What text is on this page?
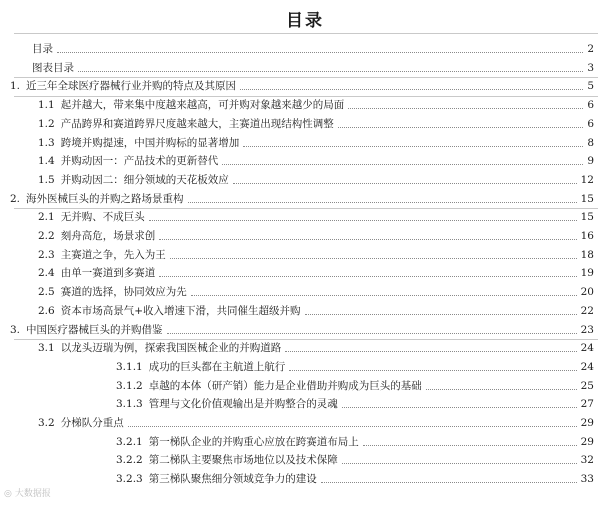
目录
目录	2
图表目录	3
1. 近三年全球医疗器械行业并购的特点及其原因	5
1.1 起并越大，带来集中度越来越高，可并购对象越来越少的局面	6
1.2 产品跨界和赛道跨界尺度越来越大，主赛道出现结构性调整	6
1.3 跨境并购提速，中国并购标的显著增加	8
1.4 并购动因一：产品技术的更新替代	9
1.5 并购动因二：细分领域的天花板效应	12
2. 海外医械巨头的并购之路场景重构	15
2.1 无并购、不成巨头	15
2.2 刻舟高危，场景求创	16
2.3 主赛道之争，先入为王	18
2.4 由单一赛道到多赛道	19
2.5 赛道的选择，协同效应为先	20
2.6 资本市场高景气+收入增速下滑，共同催生超级并购	22
3. 中国医疗器械巨头的并购借鉴	23
3.1 以龙头迈瑞为例，探索我国医械企业的并购道路	24
3.1.1 成功的巨头都在主航道上航行	24
3.1.2 卓越的本体（研产销）能力是企业借助并购成为巨头的基础	25
3.1.3 管理与文化价值观输出是并购整合的灵魂	27
3.2 分梯队分重点	29
3.2.1 第一梯队企业的并购重心应放在跨赛道布局上	29
3.2.2 第二梯队主要聚焦市场地位以及技术保障	32
3.2.3 第三梯队聚焦细分领域竞争力的建设	33
◎ 大数据报
